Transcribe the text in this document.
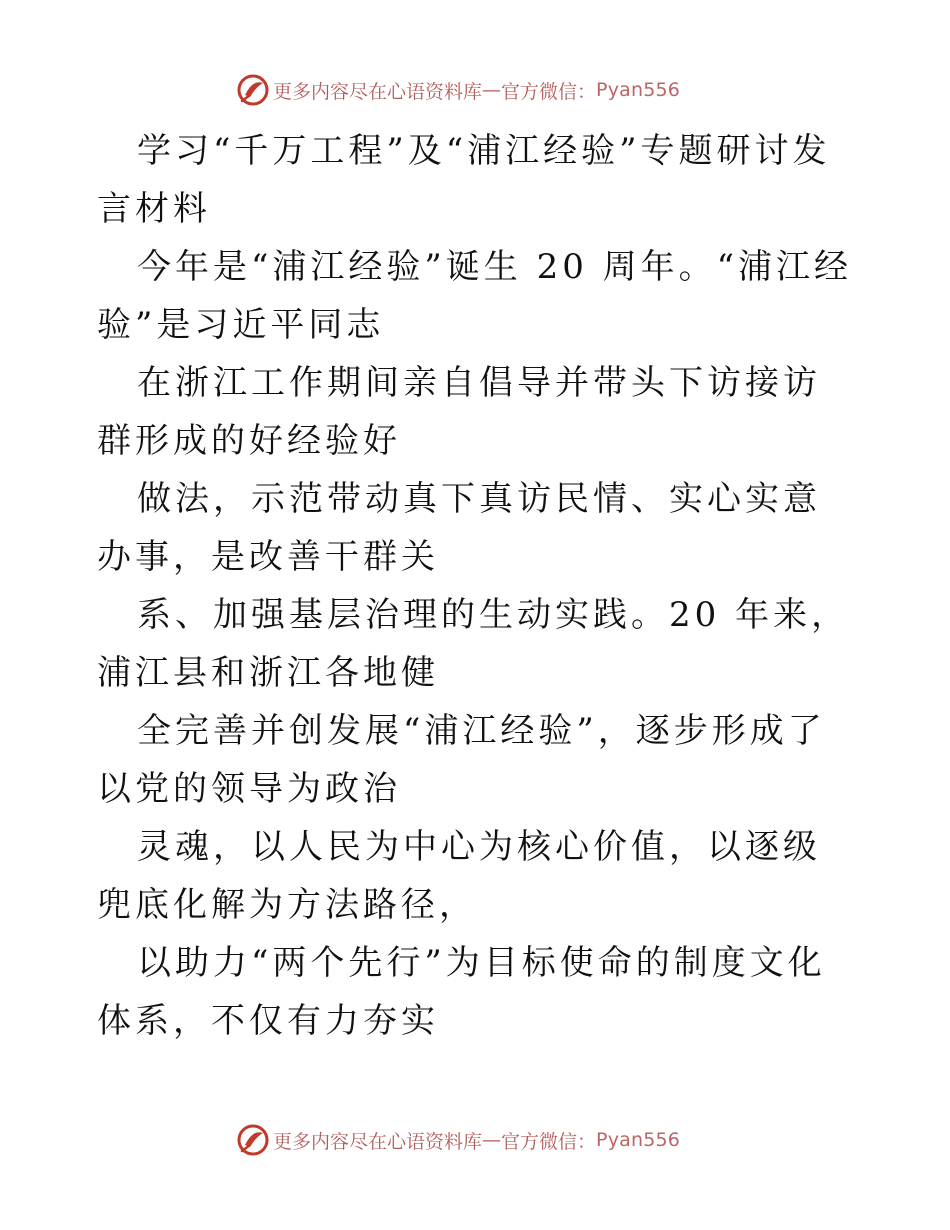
更多内容尽在心语资料库 — 官方微信： Pyan556

学习“千万工程”及“浦江经验”专题研讨发言材料

今年是“浦江经验”诞生 20 周年。“浦江经验”是习近平同志

在浙江工作期间亲自倡导并带头下访接访群形成的好经验好

做法，示范带动真下真访民情、实心实意办事，是改善干群关

系、加强基层治理的生动实践。20 年来，浦江县和浙江各地健

全完善并创发展“浦江经验”，逐步形成了以党的领导为政治

灵魂，以人民为中心为核心价值，以逐级兜底化解为方法路径，

以助力“两个先行”为目标使命的制度文化体系，不仅有力夯实

更多内容尽在心语资料库 — 官方微信： Pyan556
